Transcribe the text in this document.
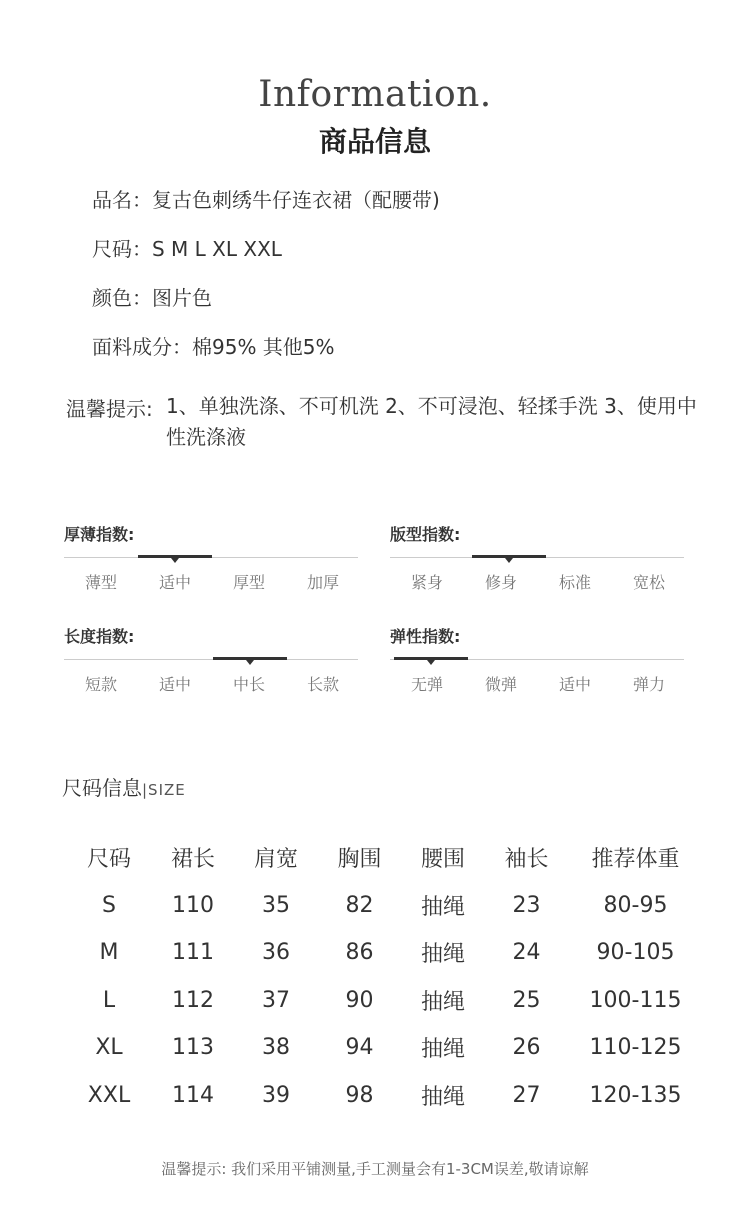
Information.
商品信息
品名：复古色刺绣牛仔连衣裙（配腰带)
尺码：S M L XL XXL
颜色：图片色
面料成分：棉95% 其他5%
温馨提示: 1、单独洗涤、不可机洗 2、不可浸泡、轻揉手洗 3、使用中性洗涤液
厚薄指数:
薄型	适中	厚型	加厚
版型指数:
紧身	修身	标准	宽松
长度指数:
短款	适中	中长	长款
弹性指数:
无弹	微弹	适中	弹力
尺码信息|SIZE
尺码	裙长	肩宽	胸围	腰围	袖长	推荐体重
S	110	35	82	抽绳	23	80-95
M	111	36	86	抽绳	24	90-105
L	112	37	90	抽绳	25	100-115
XL	113	38	94	抽绳	26	110-125
XXL	114	39	98	抽绳	27	120-135
温馨提示: 我们采用平铺测量,手工测量会有1-3CM误差,敬请谅解
